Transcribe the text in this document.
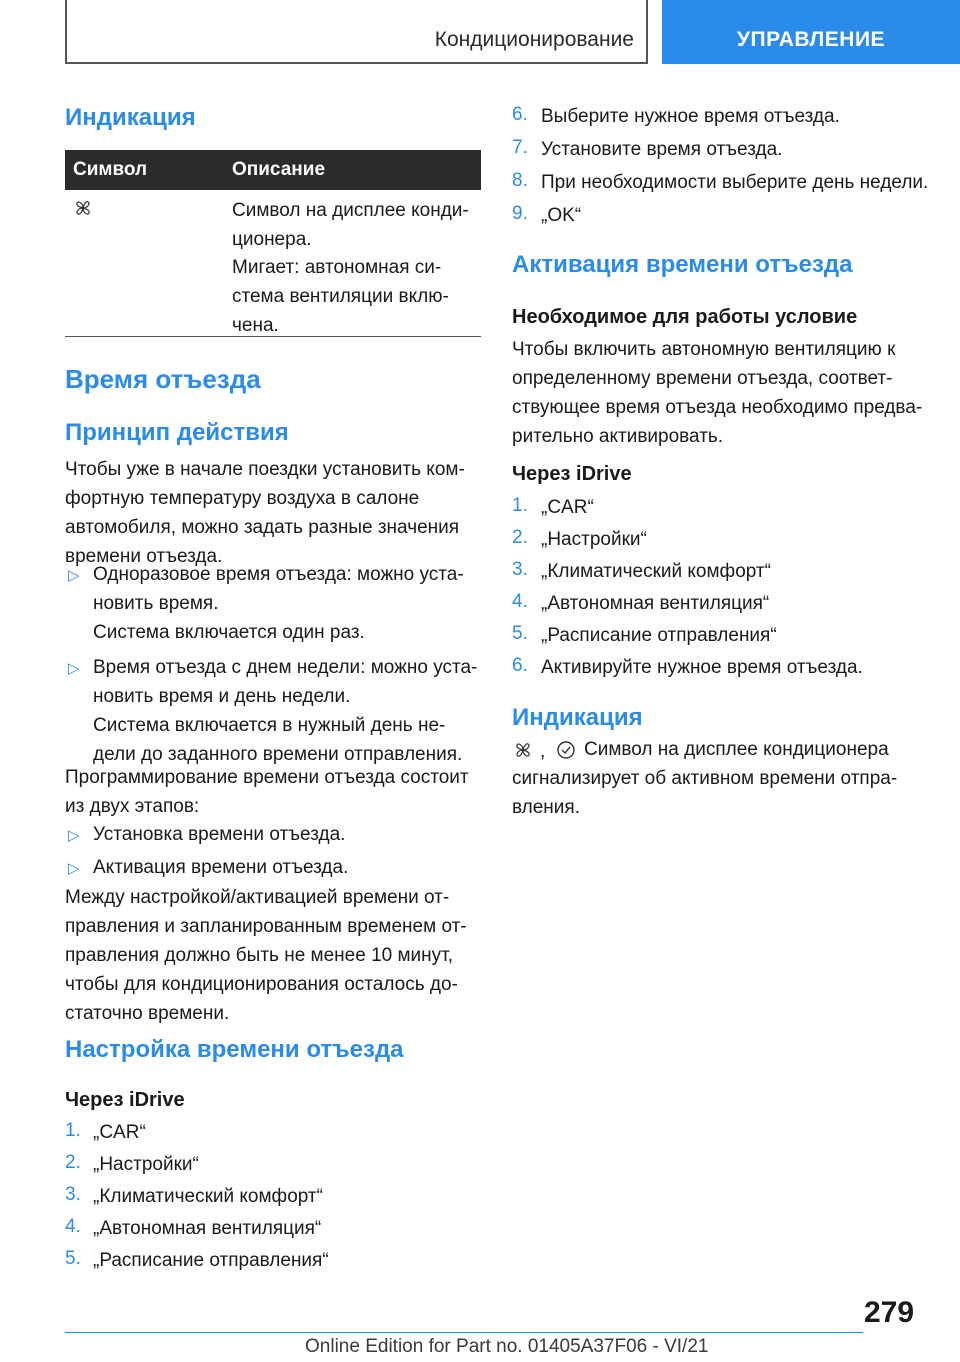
Кондиционирование	УПРАВЛЕНИЕ
Индикация
Символ	Описание
Символ на дисплее конди-
ционера.
Мигает: автономная си-
стема вентиляции вклю-
чена.
Время отъезда
Принцип действия
Чтобы уже в начале поездки установить ком-
фортную температуру воздуха в салоне
автомобиля, можно задать разные значения
времени отъезда.
▷ Одноразовое время отъезда: можно уста-
новить время.
Система включается один раз.
▷ Время отъезда с днем недели: можно уста-
новить время и день недели.
Система включается в нужный день не-
дели до заданного времени отправления.
Программирование времени отъезда состоит
из двух этапов:
▷ Установка времени отъезда.
▷ Активация времени отъезда.
Между настройкой/активацией времени от-
правления и запланированным временем от-
правления должно быть не менее 10 минут,
чтобы для кондиционирования осталось до-
статочно времени.
Настройка времени отъезда
Через iDrive
1. „CAR“
2. „Настройки“
3. „Климатический комфорт“
4. „Автономная вентиляция“
5. „Расписание отправления“
6. Выберите нужное время отъезда.
7. Установите время отъезда.
8. При необходимости выберите день недели.
9. „OK“
Активация времени отъезда
Необходимое для работы условие
Чтобы включить автономную вентиляцию к
определенному времени отъезда, соответ-
ствующее время отъезда необходимо предва-
рительно активировать.
Через iDrive
1. „CAR“
2. „Настройки“
3. „Климатический комфорт“
4. „Автономная вентиляция“
5. „Расписание отправления“
6. Активируйте нужное время отъезда.
Индикация
,	Символ на дисплее кондиционера
сигнализирует об активном времени отпра-
вления.
279
Online Edition for Part no. 01405A37F06 - VI/21
